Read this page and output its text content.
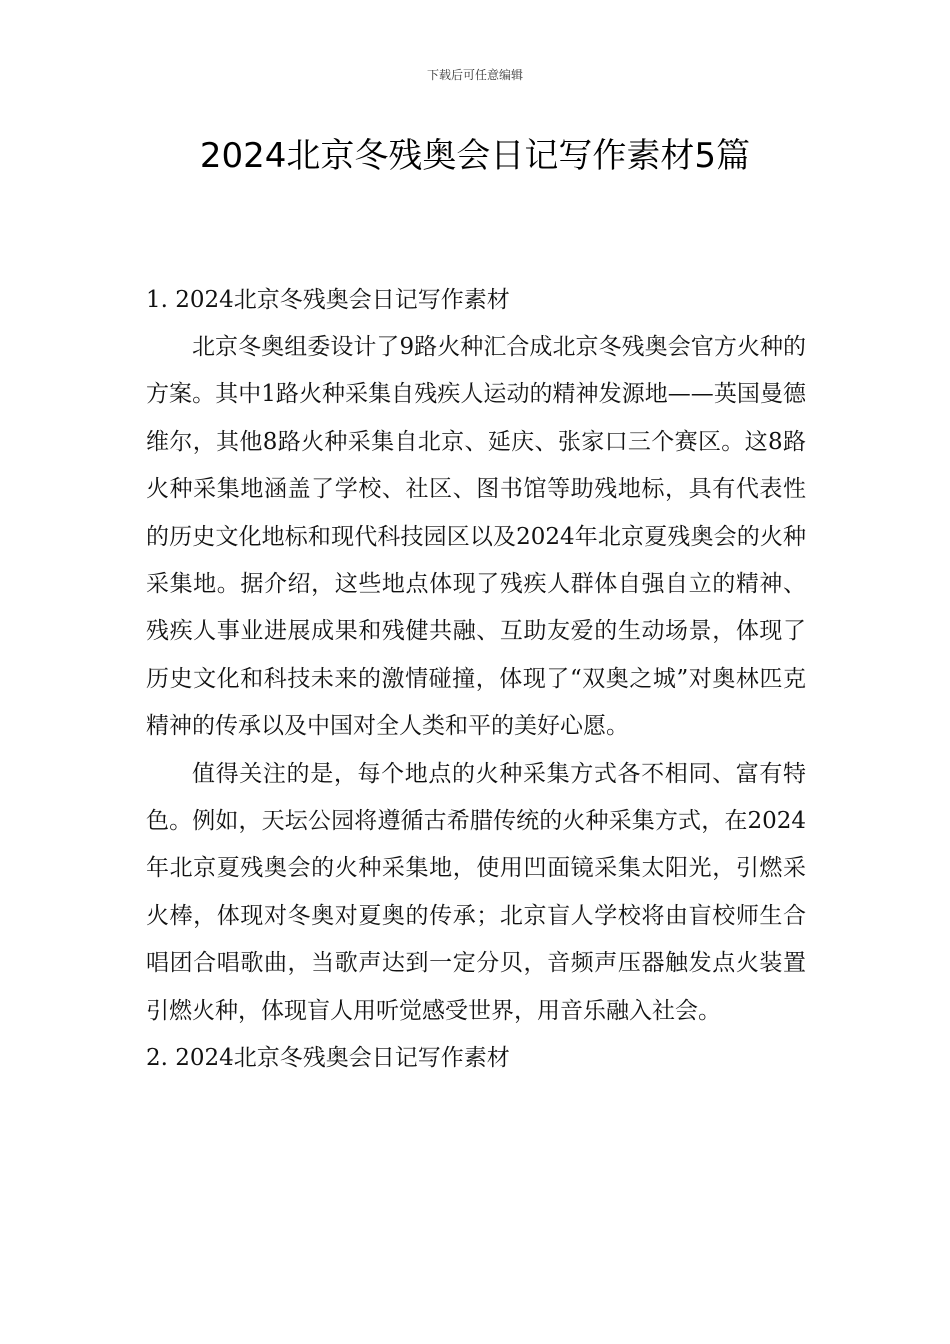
下载后可任意编辑
2024北京冬残奥会日记写作素材5篇

1. 2024北京冬残奥会日记写作素材

北京冬奥组委设计了9路火种汇合成北京冬残奥会官方火种的方案。其中1路火种采集自残疾人运动的精神发源地——英国曼德维尔，其他8路火种采集自北京、延庆、张家口三个赛区。这8路火种采集地涵盖了学校、社区、图书馆等助残地标，具有代表性的历史文化地标和现代科技园区以及2024年北京夏残奥会的火种采集地。据介绍，这些地点体现了残疾人群体自强自立的精神、残疾人事业进展成果和残健共融、互助友爱的生动场景，体现了历史文化和科技未来的激情碰撞，体现了“双奥之城”对奥林匹克精神的传承以及中国对全人类和平的美好心愿。

值得关注的是，每个地点的火种采集方式各不相同、富有特色。例如，天坛公园将遵循古希腊传统的火种采集方式，在2024年北京夏残奥会的火种采集地，使用凹面镜采集太阳光，引燃采火棒，体现对冬奥对夏奥的传承；北京盲人学校将由盲校师生合唱团合唱歌曲，当歌声达到一定分贝，音频声压器触发点火装置引燃火种，体现盲人用听觉感受世界，用音乐融入社会。

2. 2024北京冬残奥会日记写作素材
